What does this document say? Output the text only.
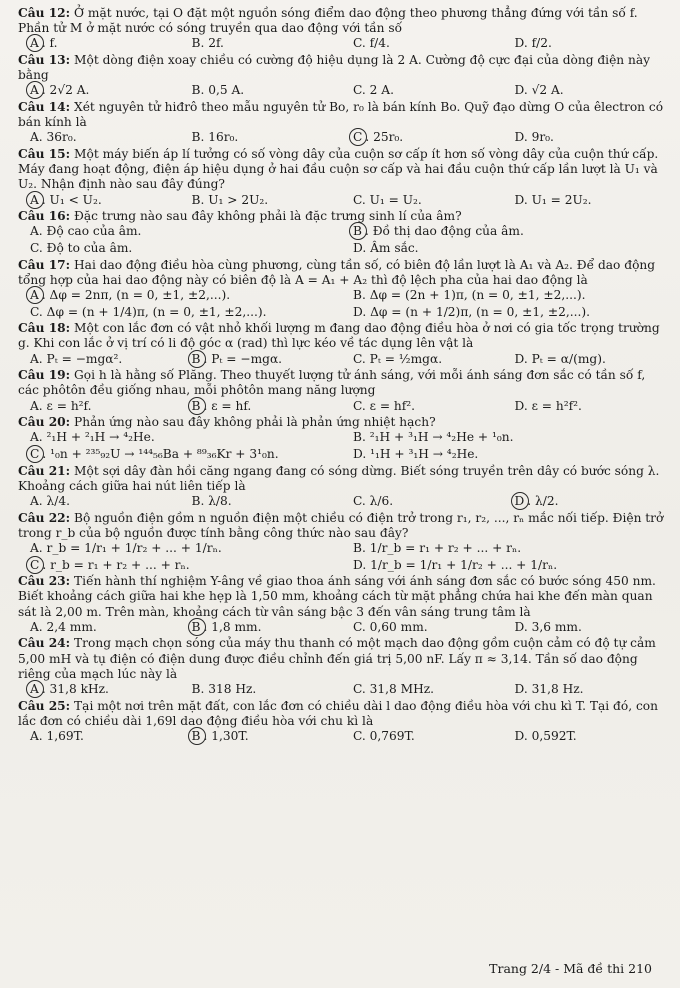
Câu 12: Ở mặt nước, tại O đặt một nguồn sóng điểm dao động theo phương thẳng đứng với tần số f. Phần tử M ở mặt nước có sóng truyền qua dao động với tần số

A . f.	B. 2f.	C. f/4.	D. f/2.

Câu 13: Một dòng điện xoay chiều có cường độ hiệu dụng là 2 A. Cường độ cực đại của dòng điện này bằng

A . 2√2 A.	B. 0,5 A.	C. 2 A.	D. √2 A.

Câu 14: Xét nguyên tử hiđrô theo mẫu nguyên tử Bo, r₀ là bán kính Bo. Quỹ đạo dừng O của êlectron có bán kính là

A. 36r₀.	B. 16r₀.	C . 25r₀.	D. 9r₀.

Câu 15: Một máy biến áp lí tưởng có số vòng dây của cuộn sơ cấp ít hơn số vòng dây của cuộn thứ cấp. Máy đang hoạt động, điện áp hiệu dụng ở hai đầu cuộn sơ cấp và hai đầu cuộn thứ cấp lần lượt là U₁ và U₂. Nhận định nào sau đây đúng?

A . U₁ < U₂.	B. U₁ > 2U₂.	C. U₁ = U₂.	D. U₁ = 2U₂.

Câu 16: Đặc trưng nào sau đây không phải là đặc trưng sinh lí của âm?

A. Độ cao của âm.	B . Đồ thị dao động của âm.
C. Độ to của âm.	D. Âm sắc.

Câu 17: Hai dao động điều hòa cùng phương, cùng tần số, có biên độ lần lượt là A₁ và A₂. Để dao động tổng hợp của hai dao động này có biên độ là A = A₁ + A₂ thì độ lệch pha của hai dao động là

A . Δφ = 2nπ, (n = 0, ±1, ±2,...).	B. Δφ = (2n + 1)π, (n = 0, ±1, ±2,...).
C. Δφ = (n + 1/4)π, (n = 0, ±1, ±2,...).	D. Δφ = (n + 1/2)π, (n = 0, ±1, ±2,...).

Câu 18: Một con lắc đơn có vật nhỏ khối lượng m đang dao động điều hòa ở nơi có gia tốc trọng trường g. Khi con lắc ở vị trí có li độ góc α (rad) thì lực kéo về tác dụng lên vật là

A. Pₜ = −mgα².	B . Pₜ = −mgα.	C. Pₜ = ½mgα.	D. Pₜ = α/(mg).

Câu 19: Gọi h là hằng số Plăng. Theo thuyết lượng tử ánh sáng, với mỗi ánh sáng đơn sắc có tần số f, các phôtôn đều giống nhau, mỗi phôtôn mang năng lượng

A. ε = h²f.	B . ε = hf.	C. ε = hf².	D. ε = h²f².

Câu 20: Phản ứng nào sau đây không phải là phản ứng nhiệt hạch?

A. ²₁H + ²₁H → ⁴₂He.	B. ²₁H + ³₁H → ⁴₂He + ¹₀n.
C . ¹₀n + ²³⁵₉₂U → ¹⁴⁴₅₆Ba + ⁸⁹₃₆Kr + 3¹₀n.	D. ¹₁H + ³₁H → ⁴₂He.

Câu 21: Một sợi dây đàn hồi căng ngang đang có sóng dừng. Biết sóng truyền trên dây có bước sóng λ. Khoảng cách giữa hai nút liên tiếp là

A. λ/4.	B. λ/8.	C. λ/6.	D . λ/2.

Câu 22: Bộ nguồn điện gồm n nguồn điện một chiều có điện trở trong r₁, r₂, ..., rₙ mắc nối tiếp. Điện trở trong r_b của bộ nguồn được tính bằng công thức nào sau đây?

A. r_b = 1/r₁ + 1/r₂ + ... + 1/rₙ.	B. 1/r_b = r₁ + r₂ + ... + rₙ.
C . r_b = r₁ + r₂ + ... + rₙ.	D. 1/r_b = 1/r₁ + 1/r₂ + ... + 1/rₙ.

Câu 23: Tiến hành thí nghiệm Y-âng về giao thoa ánh sáng với ánh sáng đơn sắc có bước sóng 450 nm. Biết khoảng cách giữa hai khe hẹp là 1,50 mm, khoảng cách từ mặt phẳng chứa hai khe đến màn quan sát là 2,00 m. Trên màn, khoảng cách từ vân sáng bậc 3 đến vân sáng trung tâm là

A. 2,4 mm.	B . 1,8 mm.	C. 0,60 mm.	D. 3,6 mm.

Câu 24: Trong mạch chọn sóng của máy thu thanh có một mạch dao động gồm cuộn cảm có độ tự cảm 5,00 mH và tụ điện có điện dung được điều chỉnh đến giá trị 5,00 nF. Lấy π ≈ 3,14. Tần số dao động riêng của mạch lúc này là

A . 31,8 kHz.	B. 318 Hz.	C. 31,8 MHz.	D. 31,8 Hz.

Câu 25: Tại một nơi trên mặt đất, con lắc đơn có chiều dài l dao động điều hòa với chu kì T. Tại đó, con lắc đơn có chiều dài 1,69l dao động điều hòa với chu kì là

A. 1,69T.	B . 1,30T.	C. 0,769T.	D. 0,592T.
Trang 2/4 - Mã đề thi 210
